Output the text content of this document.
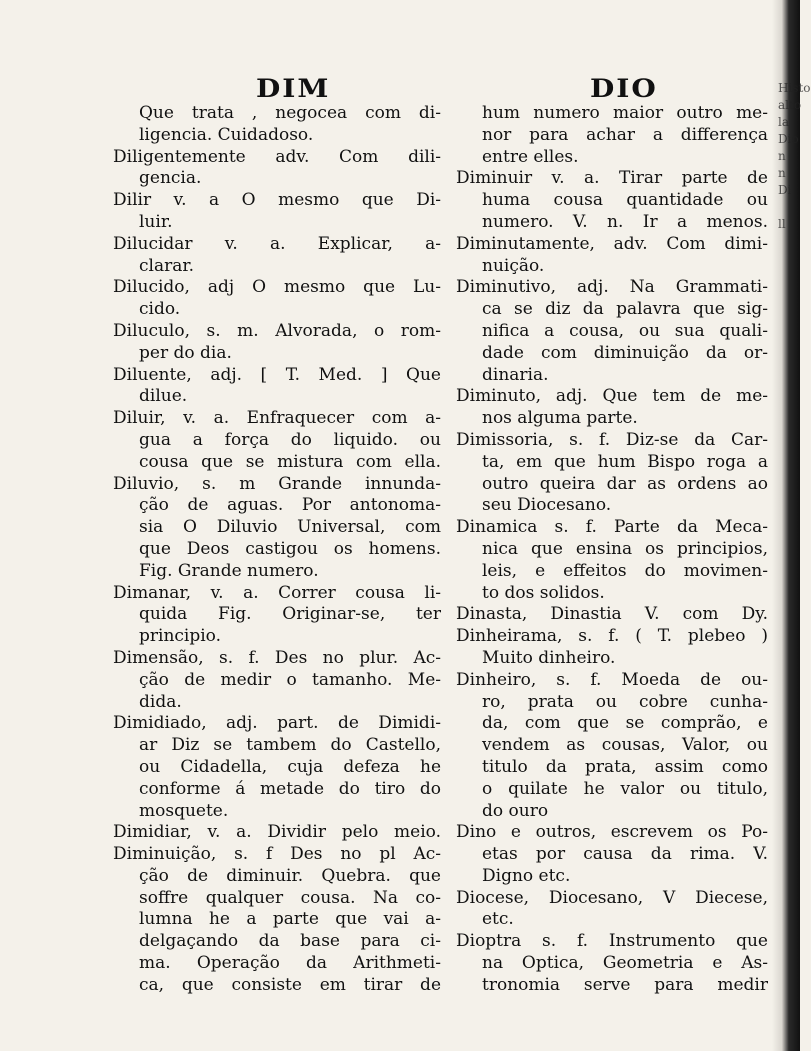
DIM	DIO
Que trata , negocea com di-
ligencia. Cuidadoso.
Diligentemente adv. Com dili-
gencia.
Dilir v. a O mesmo que Di-
luir.
Dilucidar v. a. Explicar, a-
clarar.
Dilucido, adj O mesmo que Lu-
cido.
Diluculo, s. m. Alvorada, o rom-
per do dia.
Diluente, adj. [ T. Med. ] Que
dilue.
Diluir, v. a. Enfraquecer com a-
gua a força do liquido. ou
cousa que se mistura com ella.
Diluvio, s. m Grande innunda-
ção de aguas. Por antonoma-
sia O Diluvio Universal, com
que Deos castigou os homens.
Fig. Grande numero.
Dimanar, v. a. Correr cousa li-
quida Fig. Originar-se, ter
principio.
Dimensão, s. f. Des no plur. Ac-
ção de medir o tamanho. Me-
dida.
Dimidiado, adj. part. de Dimidi-
ar Diz se tambem do Castello,
ou Cidadella, cuja defeza he
conforme á metade do tiro do
mosquete.
Dimidiar, v. a. Dividir pelo meio.
Diminuição, s. f Des no pl Ac-
ção de diminuir. Quebra. que
soffre qualquer cousa. Na co-
lumna he a parte que vai a-
delgaçando da base para ci-
ma. Operação da Arithmeti-
ca, que consiste em tirar de
hum numero maior outro me-
nor para achar a differença
entre elles.
Diminuir v. a. Tirar parte de
huma cousa quantidade ou
numero. V. n. Ir a menos.
Diminutamente, adv. Com dimi-
nuição.
Diminutivo, adj. Na Grammati-
ca se diz da palavra que sig-
nifica a cousa, ou sua quali-
dade com diminuição da or-
dinaria.
Diminuto, adj. Que tem de me-
nos alguma parte.
Dimissoria, s. f. Diz-se da Car-
ta, em que hum Bispo roga a
outro queira dar as ordens ao
seu Diocesano.
Dinamica s. f. Parte da Meca-
nica que ensina os principios,
leis, e effeitos do movimen-
to dos solidos.
Dinasta, Dinastia V. com Dy.
Dinheirama, s. f. ( T. plebeo )
Muito dinheiro.
Dinheiro, s. f. Moeda de ou-
ro, prata ou cobre cunha-
da, com que se comprão, e
vendem as cousas, Valor, ou
titulo da prata, assim como
o quilate he valor ou titulo,
do ouro
Dino e outros, escrevem os Po-
etas por causa da rima. V.
Digno etc.
Diocese, Diocesano, V Diecese,
etc.
Dioptra s. f. Instrumento que
na Optica, Geometria e As-
tronomia serve para medir
Histo
alto
la
Dio
n
n
Di
ll
